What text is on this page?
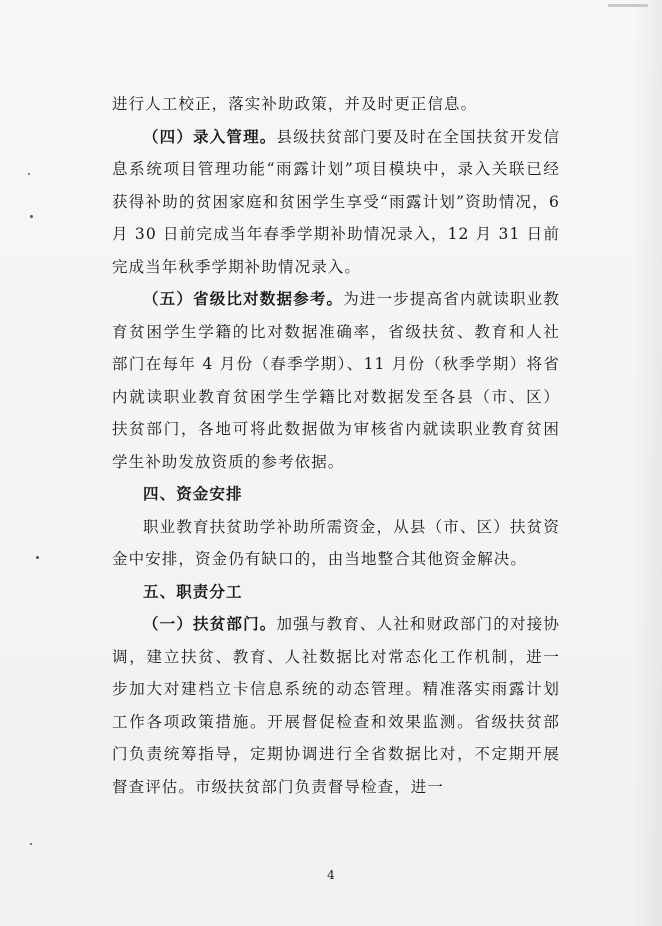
进行人工校正，落实补助政策，并及时更正信息。

（四）录入管理。县级扶贫部门要及时在全国扶贫开发信息系统项目管理功能“雨露计划”项目模块中，录入关联已经获得补助的贫困家庭和贫困学生享受“雨露计划”资助情况，6 月 30 日前完成当年春季学期补助情况录入，12 月 31 日前完成当年秋季学期补助情况录入。

（五）省级比对数据参考。为进一步提高省内就读职业教育贫困学生学籍的比对数据准确率，省级扶贫、教育和人社部门在每年 4 月份（春季学期）、11 月份（秋季学期）将省内就读职业教育贫困学生学籍比对数据发至各县（市、区）扶贫部门，各地可将此数据做为审核省内就读职业教育贫困学生补助发放资质的参考依据。

四、资金安排

职业教育扶贫助学补助所需资金，从县（市、区）扶贫资金中安排，资金仍有缺口的，由当地整合其他资金解决。

五、职责分工

（一）扶贫部门。加强与教育、人社和财政部门的对接协调，建立扶贫、教育、人社数据比对常态化工作机制，进一步加大对建档立卡信息系统的动态管理。精准落实雨露计划工作各项政策措施。开展督促检查和效果监测。省级扶贫部门负责统筹指导，定期协调进行全省数据比对，不定期开展督查评估。市级扶贫部门负责督导检查，进一

4
